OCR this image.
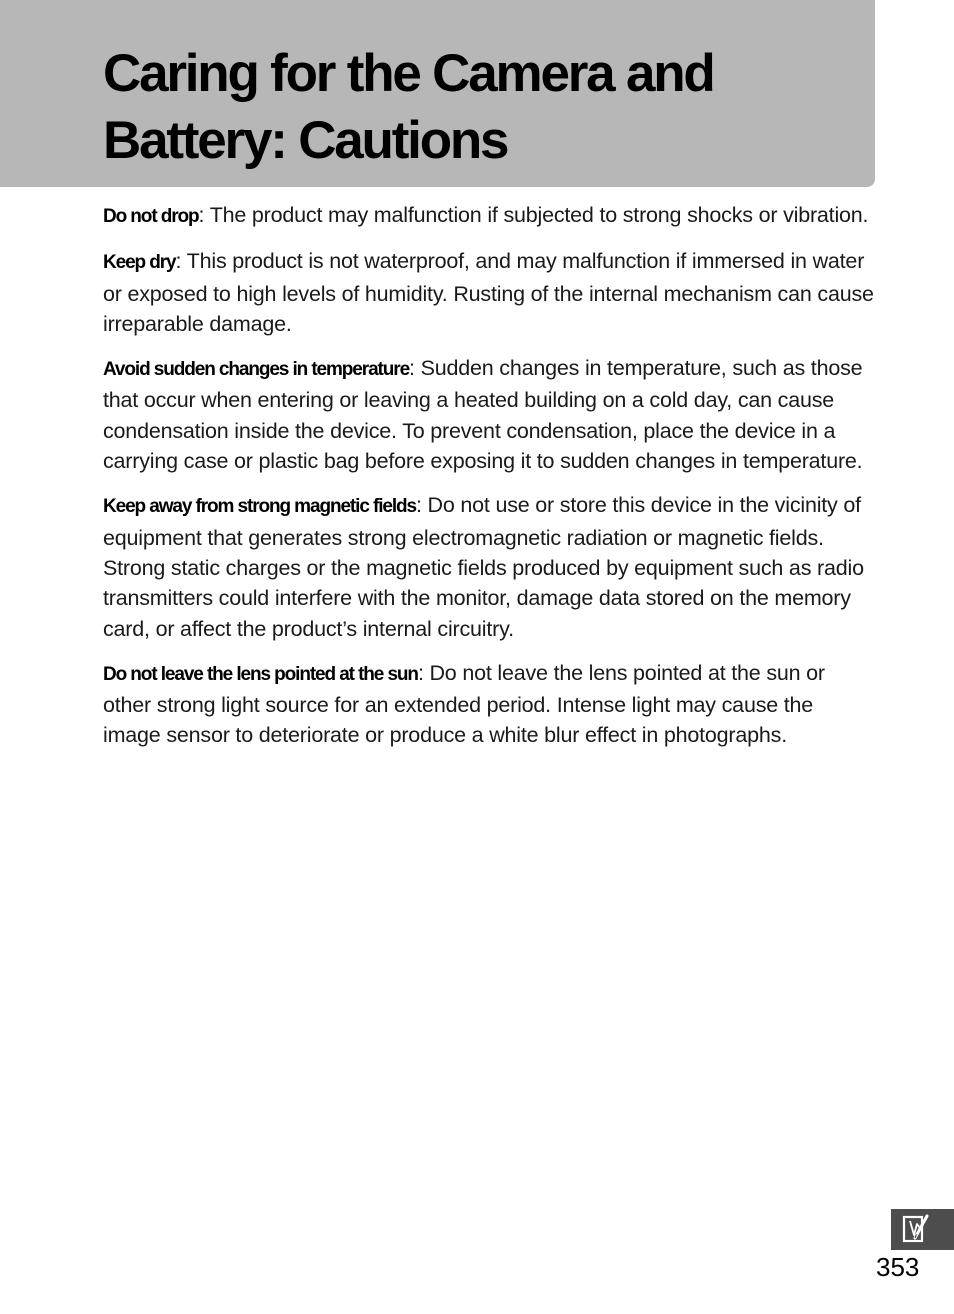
Caring for the Camera and Battery: Cautions

Do not drop: The product may malfunction if subjected to strong shocks or vibration.

Keep dry: This product is not waterproof, and may malfunction if immersed in water or exposed to high levels of humidity. Rusting of the internal mechanism can cause irreparable damage.

Avoid sudden changes in temperature: Sudden changes in temperature, such as those that occur when entering or leaving a heated building on a cold day, can cause condensation inside the device. To prevent condensation, place the device in a carrying case or plastic bag before exposing it to sudden changes in temperature.

Keep away from strong magnetic fields: Do not use or store this device in the vicinity of equipment that generates strong electromagnetic radiation or magnetic fields. Strong static charges or the magnetic fields produced by equipment such as radio transmitters could interfere with the monitor, damage data stored on the memory card, or affect the product’s internal circuitry.

Do not leave the lens pointed at the sun: Do not leave the lens pointed at the sun or other strong light source for an extended period. Intense light may cause the image sensor to deteriorate or produce a white blur effect in photographs.

353
